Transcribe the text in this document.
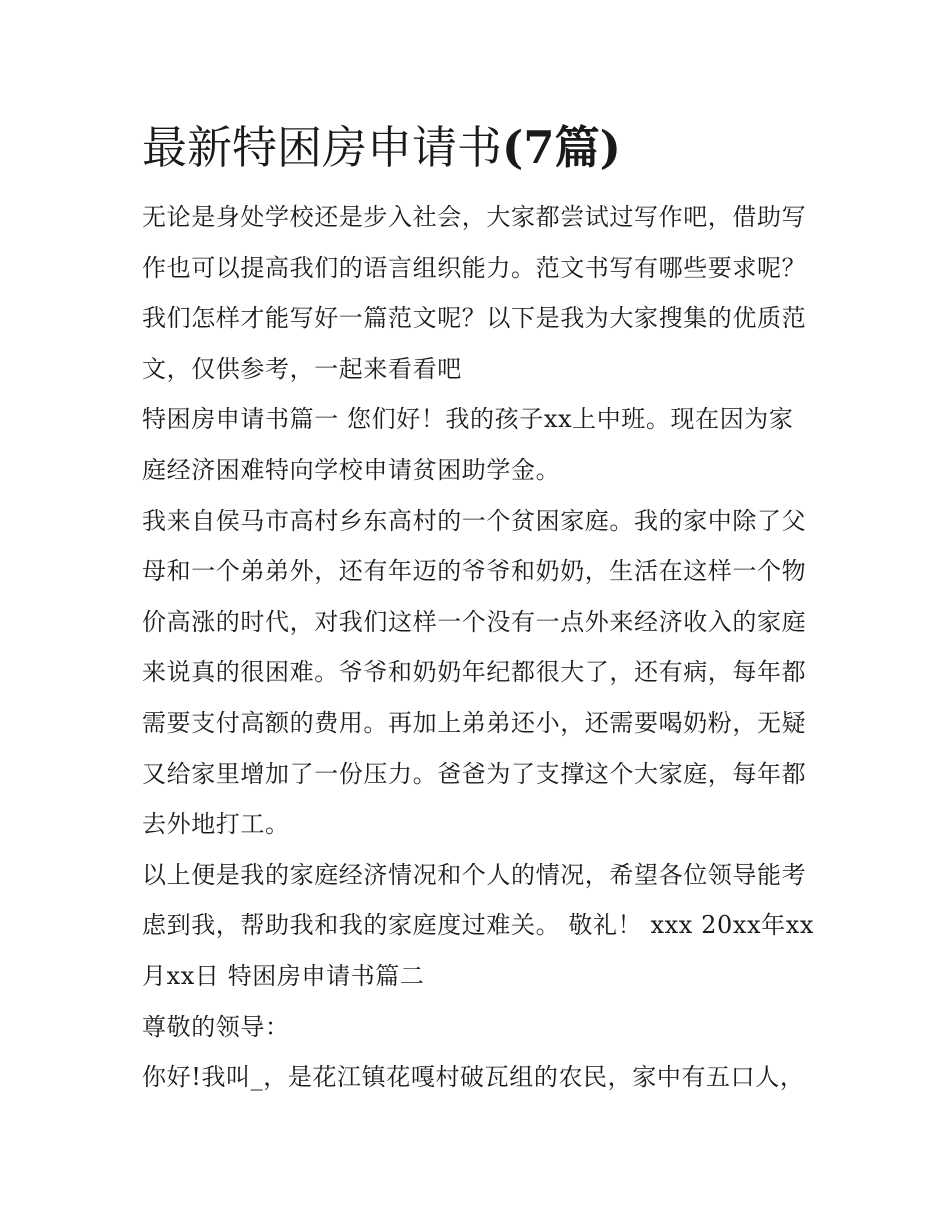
最新特困房申请书(7篇)

无论是身处学校还是步入社会，大家都尝试过写作吧，借助写作也可以提高我们的语言组织能力。范文书写有哪些要求呢？我们怎样才能写好一篇范文呢？以下是我为大家搜集的优质范文，仅供参考，一起来看看吧

特困房申请书篇一 您们好！我的孩子xx上中班。现在因为家庭经济困难特向学校申请贫困助学金。

我来自侯马市高村乡东高村的一个贫困家庭。我的家中除了父母和一个弟弟外，还有年迈的爷爷和奶奶，生活在这样一个物价高涨的时代，对我们这样一个没有一点外来经济收入的家庭来说真的很困难。爷爷和奶奶年纪都很大了，还有病，每年都需要支付高额的费用。再加上弟弟还小，还需要喝奶粉，无疑又给家里增加了一份压力。爸爸为了支撑这个大家庭，每年都去外地打工。

以上便是我的家庭经济情况和个人的情况，希望各位领导能考虑到我，帮助我和我的家庭度过难关。 敬礼！ xxx 20xx年xx月xx日 特困房申请书篇二

尊敬的领导：

你好!我叫_，是花江镇花嘎村破瓦组的农民，家中有五口人，
